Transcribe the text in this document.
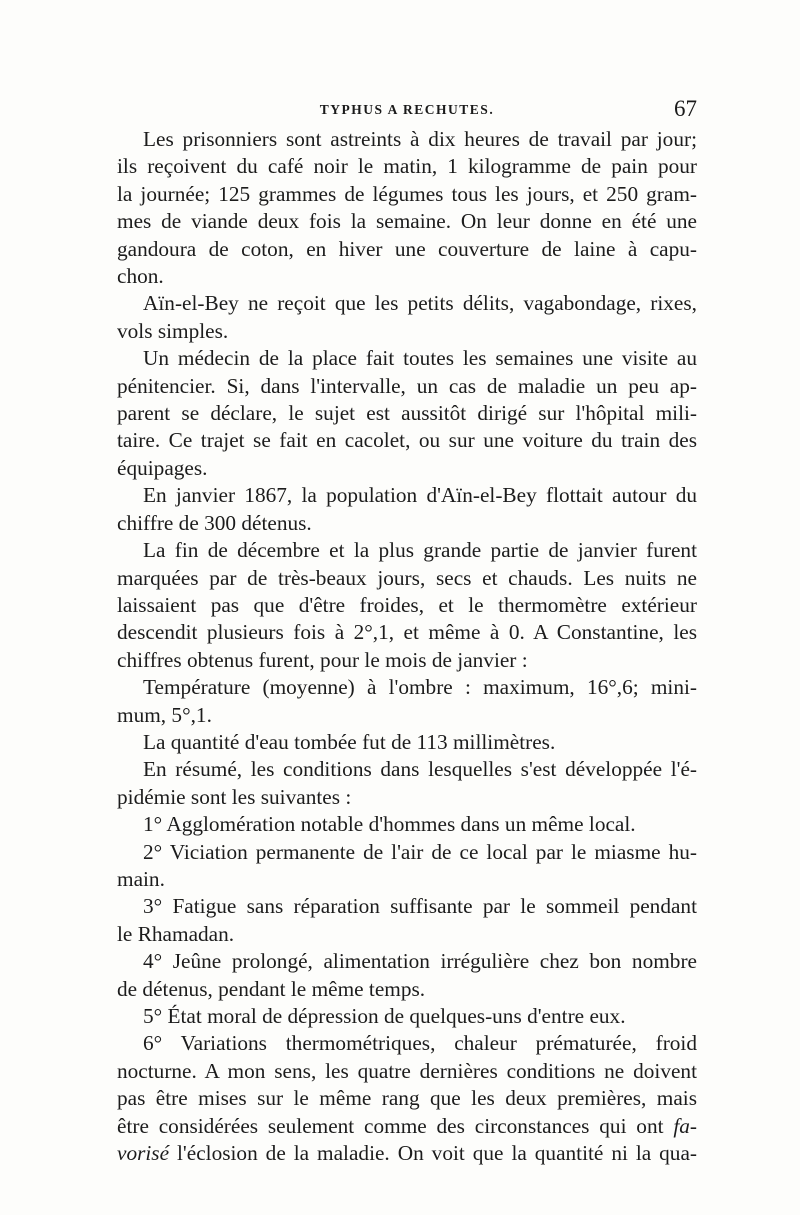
TYPHUS A RECHUTES.	67
Les prisonniers sont astreints à dix heures de travail par jour;
ils reçoivent du café noir le matin, 1 kilogramme de pain pour
la journée; 125 grammes de légumes tous les jours, et 250 gram-
mes de viande deux fois la semaine. On leur donne en été une
gandoura de coton, en hiver une couverture de laine à capu-
chon.
Aïn-el-Bey ne reçoit que les petits délits, vagabondage, rixes,
vols simples.
Un médecin de la place fait toutes les semaines une visite au
pénitencier. Si, dans l'intervalle, un cas de maladie un peu ap-
parent se déclare, le sujet est aussitôt dirigé sur l'hôpital mili-
taire. Ce trajet se fait en cacolet, ou sur une voiture du train des
équipages.
En janvier 1867, la population d'Aïn-el-Bey flottait autour du
chiffre de 300 détenus.
La fin de décembre et la plus grande partie de janvier furent
marquées par de très-beaux jours, secs et chauds. Les nuits ne
laissaient pas que d'être froides, et le thermomètre extérieur
descendit plusieurs fois à 2°,1, et même à 0. A Constantine, les
chiffres obtenus furent, pour le mois de janvier :
Température (moyenne) à l'ombre : maximum, 16°,6; mini-
mum, 5°,1.
La quantité d'eau tombée fut de 113 millimètres.
En résumé, les conditions dans lesquelles s'est développée l'é-
pidémie sont les suivantes :
1° Agglomération notable d'hommes dans un même local.
2° Viciation permanente de l'air de ce local par le miasme hu-
main.
3° Fatigue sans réparation suffisante par le sommeil pendant
le Rhamadan.
4° Jeûne prolongé, alimentation irrégulière chez bon nombre
de détenus, pendant le même temps.
5° État moral de dépression de quelques-uns d'entre eux.
6° Variations thermométriques, chaleur prématurée, froid
nocturne. A mon sens, les quatre dernières conditions ne doivent
pas être mises sur le même rang que les deux premières, mais
être considérées seulement comme des circonstances qui ont fa-
vorisé l'éclosion de la maladie. On voit que la quantité ni la qua-
